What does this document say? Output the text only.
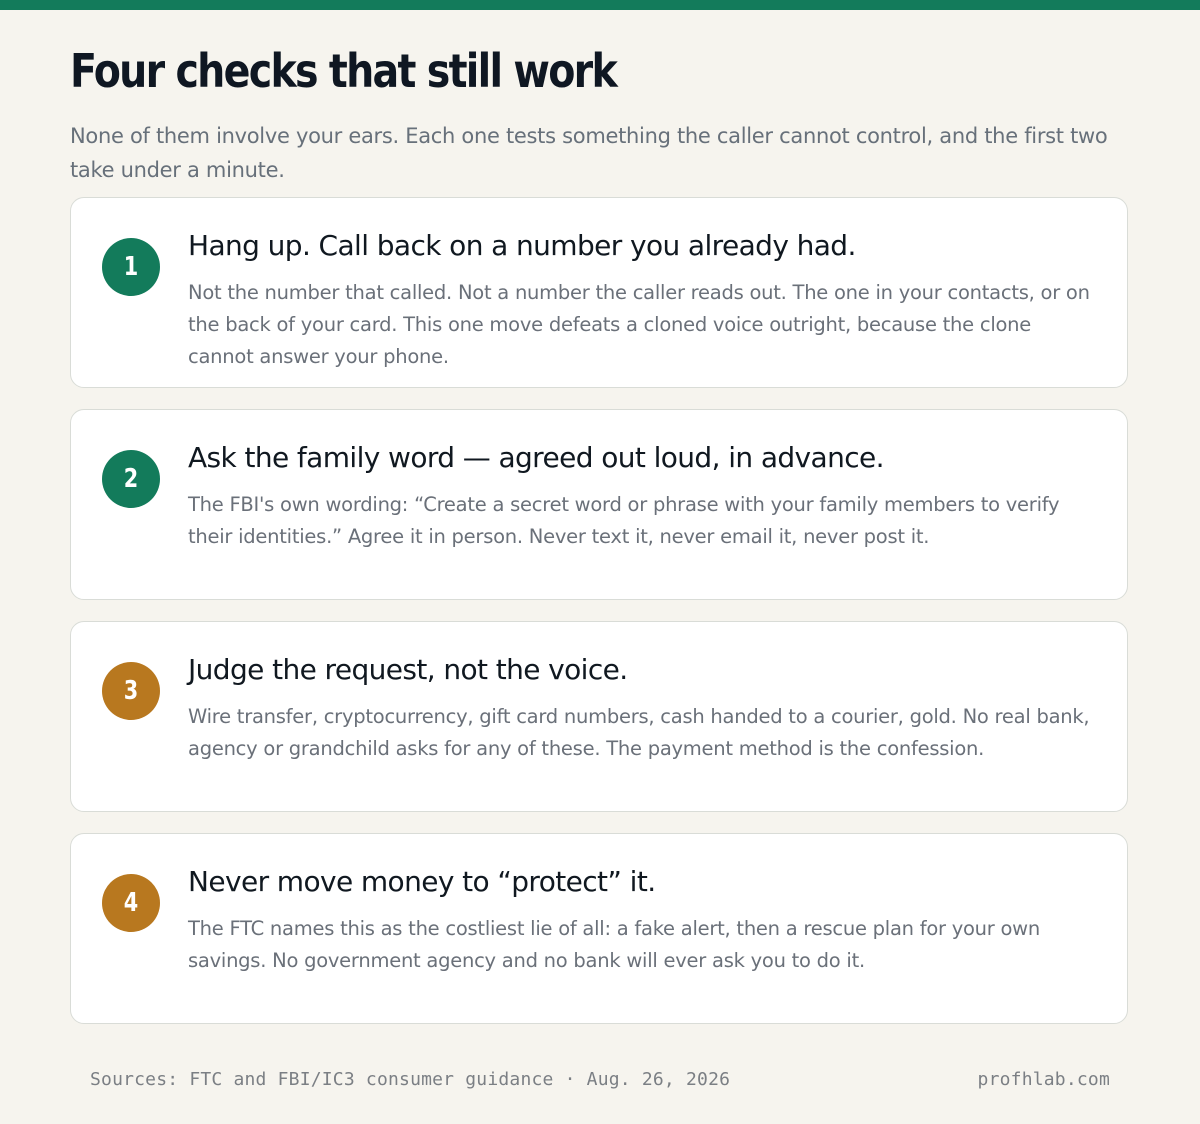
Four checks that still work

None of them involve your ears. Each one tests something the caller cannot control, and the first two take under a minute.

1
Hang up. Call back on a number you already had.

Not the number that called. Not a number the caller reads out. The one in your contacts, or on the back of your card. This one move defeats a cloned voice outright, because the clone cannot answer your phone.

2
Ask the family word — agreed out loud, in advance.

The FBI's own wording: “Create a secret word or phrase with your family members to verify their identities.” Agree it in person. Never text it, never email it, never post it.

3
Judge the request, not the voice.

Wire transfer, cryptocurrency, gift card numbers, cash handed to a courier, gold. No real bank, agency or grandchild asks for any of these. The payment method is the confession.

4
Never move money to “protect” it.

The FTC names this as the costliest lie of all: a fake alert, then a rescue plan for your own savings. No government agency and no bank will ever ask you to do it.

Sources: FTC and FBI/IC3 consumer guidance · Aug. 26, 2026	profhlab.com
